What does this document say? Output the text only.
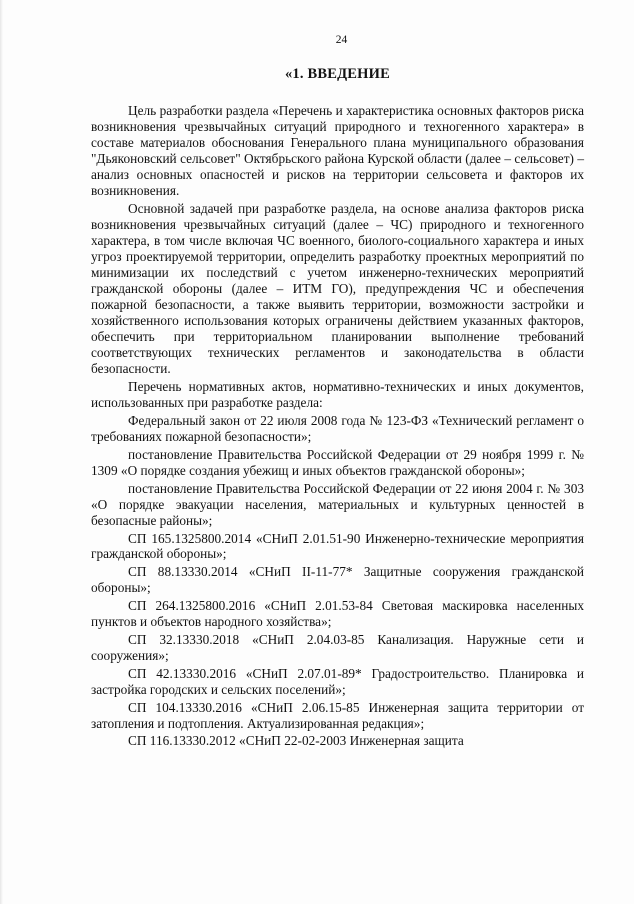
24
«1. ВВЕДЕНИЕ

Цель разработки раздела «Перечень и характеристика основных факторов риска возникновения чрезвычайных ситуаций природного и техногенного характера» в составе материалов обоснования Генерального плана муниципального образования "Дьяконовский сельсовет" Октябрьского района Курской области (далее – сельсовет) – анализ основных опасностей и рисков на территории сельсовета и факторов их возникновения.

Основной задачей при разработке раздела, на основе анализа факторов риска возникновения чрезвычайных ситуаций (далее – ЧС) природного и техногенного характера, в том числе включая ЧС военного, биолого-социального характера и иных угроз проектируемой территории, определить разработку проектных мероприятий по минимизации их последствий с учетом инженерно-технических мероприятий гражданской обороны (далее – ИТМ ГО), предупреждения ЧС и обеспечения пожарной безопасности, а также выявить территории, возможности застройки и хозяйственного использования которых ограничены действием указанных факторов, обеспечить при территориальном планировании выполнение требований соответствующих технических регламентов и законодательства в области безопасности.

Перечень нормативных актов, нормативно-технических и иных документов, использованных при разработке раздела:

Федеральный закон от 22 июля 2008 года № 123-ФЗ «Технический регламент о требованиях пожарной безопасности»;

постановление Правительства Российской Федерации от 29 ноября 1999 г. № 1309 «О порядке создания убежищ и иных объектов гражданской обороны»;

постановление Правительства Российской Федерации от 22 июня 2004 г. № 303 «О порядке эвакуации населения, материальных и культурных ценностей в безопасные районы»;

СП 165.1325800.2014 «СНиП 2.01.51-90 Инженерно-технические мероприятия гражданской обороны»;

СП 88.13330.2014 «СНиП II-11-77* Защитные сооружения гражданской обороны»;

СП 264.1325800.2016 «СНиП 2.01.53-84 Световая маскировка населенных пунктов и объектов народного хозяйства»;

СП 32.13330.2018 «СНиП 2.04.03-85 Канализация. Наружные сети и сооружения»;

СП 42.13330.2016 «СНиП 2.07.01-89* Градостроительство. Планировка и застройка городских и сельских поселений»;

СП 104.13330.2016 «СНиП 2.06.15-85 Инженерная защита территории от затопления и подтопления. Актуализированная редакция»;

СП 116.13330.2012 «СНиП 22-02-2003 Инженерная защита
